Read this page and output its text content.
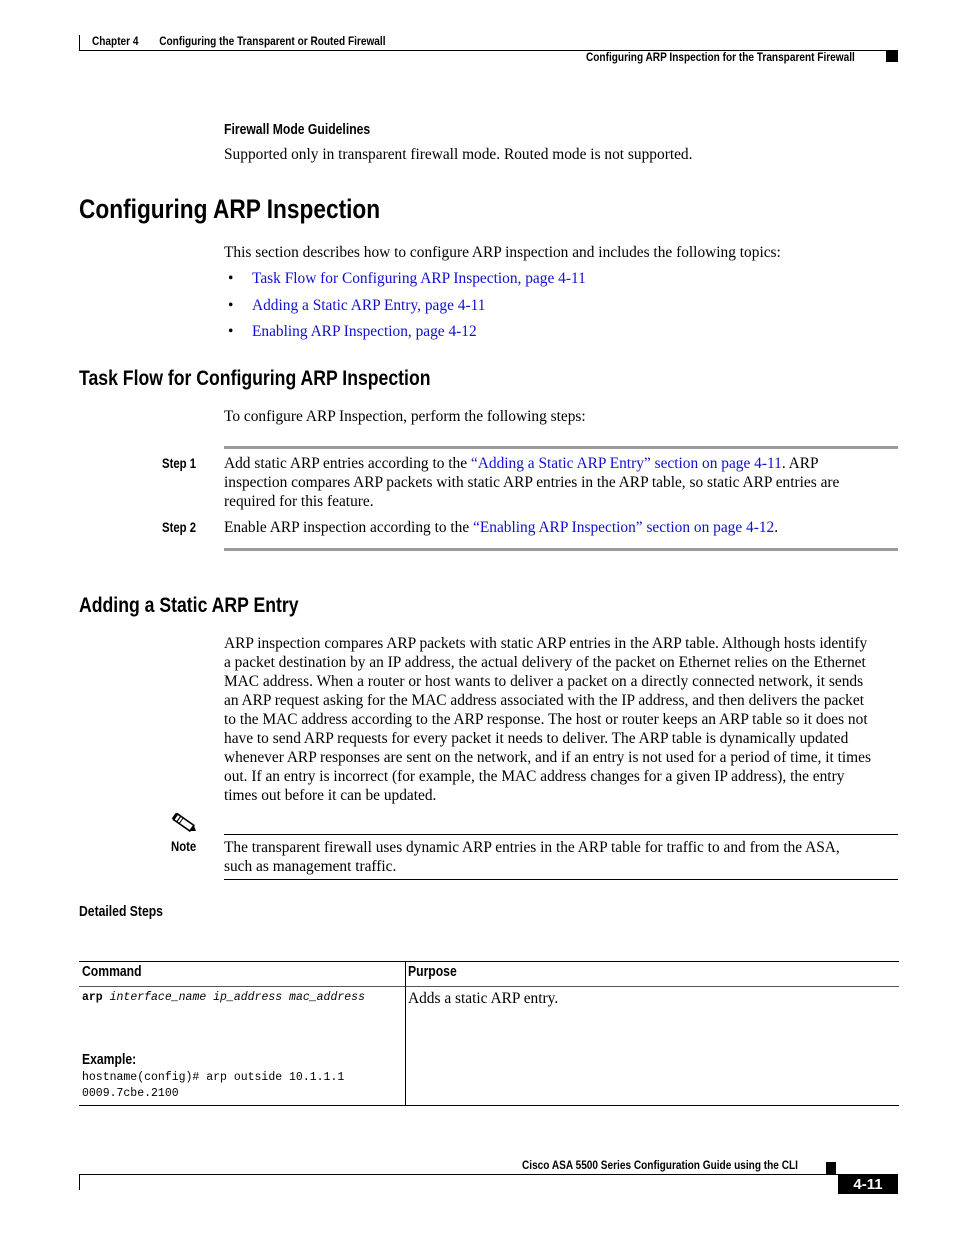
Chapter 4 Configuring the Transparent or Routed Firewall
Configuring ARP Inspection for the Transparent Firewall
Firewall Mode Guidelines
Supported only in transparent firewall mode. Routed mode is not supported.
Configuring ARP Inspection
This section describes how to configure ARP inspection and includes the following topics:
• Task Flow for Configuring ARP Inspection, page 4-11
• Adding a Static ARP Entry, page 4-11
• Enabling ARP Inspection, page 4-12
Task Flow for Configuring ARP Inspection
To configure ARP Inspection, perform the following steps:
Step 1 Add static ARP entries according to the “Adding a Static ARP Entry” section on page 4-11. ARP
inspection compares ARP packets with static ARP entries in the ARP table, so static ARP entries are
required for this feature.
Step 2 Enable ARP inspection according to the “Enabling ARP Inspection” section on page 4-12.
Adding a Static ARP Entry
ARP inspection compares ARP packets with static ARP entries in the ARP table. Although hosts identify
a packet destination by an IP address, the actual delivery of the packet on Ethernet relies on the Ethernet
MAC address. When a router or host wants to deliver a packet on a directly connected network, it sends
an ARP request asking for the MAC address associated with the IP address, and then delivers the packet
to the MAC address according to the ARP response. The host or router keeps an ARP table so it does not
have to send ARP requests for every packet it needs to deliver. The ARP table is dynamically updated
whenever ARP responses are sent on the network, and if an entry is not used for a period of time, it times
out. If an entry is incorrect (for example, the MAC address changes for a given IP address), the entry
times out before it can be updated.
Note The transparent firewall uses dynamic ARP entries in the ARP table for traffic to and from the ASA,
such as management traffic.
Detailed Steps
Command	Purpose
arp interface_name ip_address mac_address
Example:
hostname(config)# arp outside 10.1.1.1
0009.7cbe.2100
Adds a static ARP entry.
Cisco ASA 5500 Series Configuration Guide using the CLI
4-11
